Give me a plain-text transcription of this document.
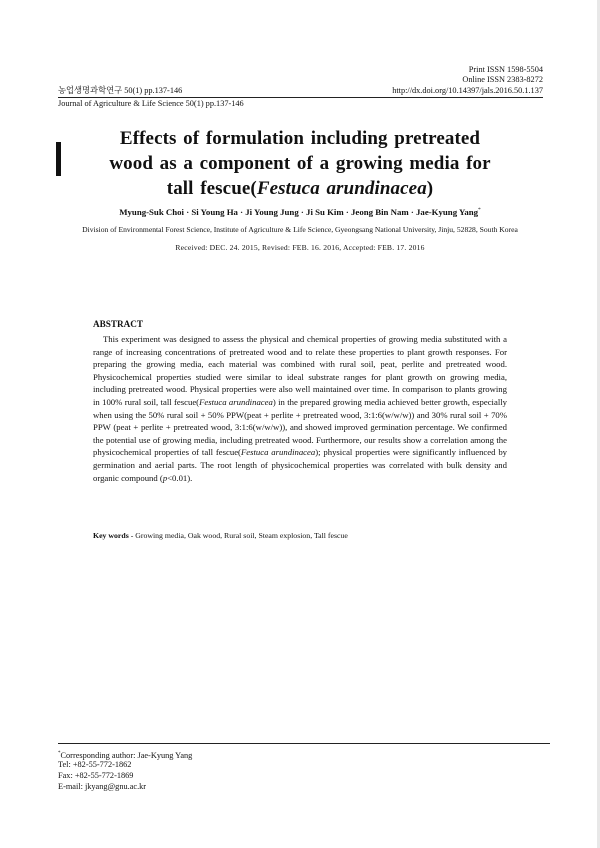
Print ISSN 1598-5504
Online ISSN 2383-8272
농업생명과학연구 50(1) pp.137-146	http://dx.doi.org/10.14397/jals.2016.50.1.137
Journal of Agriculture & Life Science 50(1) pp.137-146
Effects of formulation including pretreated
wood as a component of a growing media for
tall fescue(Festuca arundinacea)
Myung-Suk Choi · Si Young Ha · Ji Young Jung · Ji Su Kim · Jeong Bin Nam · Jae-Kyung Yang*
Division of Environmental Forest Science, Institute of Agriculture & Life Science, Gyeongsang National University, Jinju, 52828, South Korea
Received: DEC. 24. 2015, Revised: FEB. 16. 2016, Accepted: FEB. 17. 2016
ABSTRACT
This experiment was designed to assess the physical and chemical properties of growing media substituted with a range of increasing concentrations of pretreated wood and to relate these properties to plant growth responses. For preparing the growing media, each material was combined with rural soil, peat, perlite and pretreated wood. Physicochemical properties studied were similar to ideal substrate ranges for plant growth on growing media, including pretreated wood. Physical properties were also well maintained over time. In comparison to plants growing in 100% rural soil, tall fescue(Festuca arundinacea) in the prepared growing media achieved better growth, especially when using the 50% rural soil + 50% PPW(peat + perlite + pretreated wood, 3:1:6(w/w/w)) and 30% rural soil + 70% PPW (peat + perlite + pretreated wood, 3:1:6(w/w/w)), and showed improved germination percentage. We confirmed the potential use of growing media, including pretreated wood. Furthermore, our results show a correlation among the physicochemical properties of tall fescue(Festuca arundinacea); physical properties were significantly influenced by germination and aerial parts. The root length of physicochemical properties was correlated with bulk density and organic compound (p<0.01).
Key words - Growing media, Oak wood, Rural soil, Steam explosion, Tall fescue
*Corresponding author: Jae-Kyung Yang
Tel: +82-55-772-1862
Fax: +82-55-772-1869
E-mail: jkyang@gnu.ac.kr
